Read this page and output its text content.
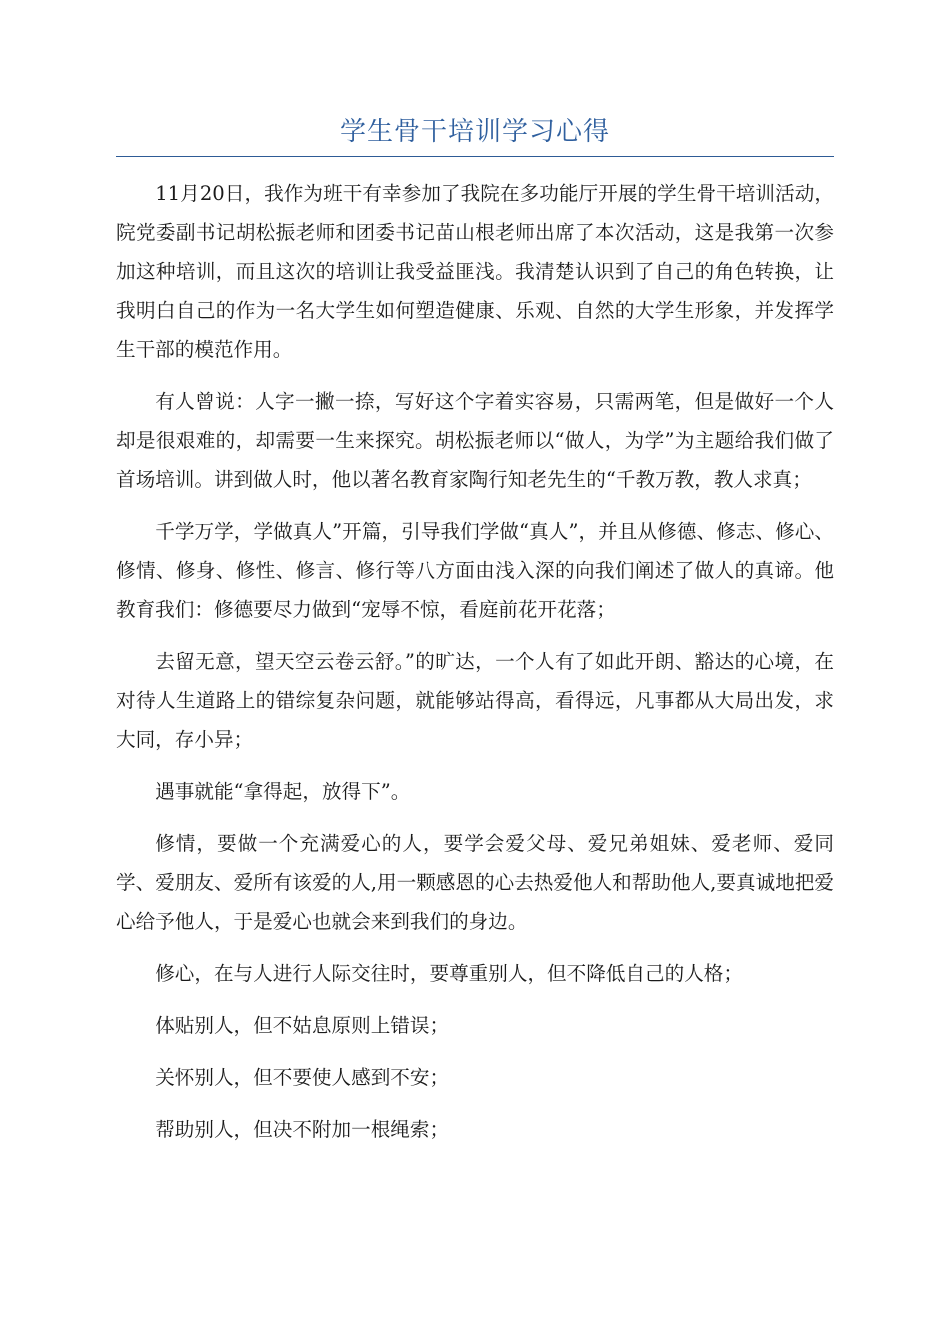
学生骨干培训学习心得

11月20日，我作为班干有幸参加了我院在多功能厅开展的学生骨干培训活动，院党委副书记胡松振老师和团委书记苗山根老师出席了本次活动，这是我第一次参加这种培训，而且这次的培训让我受益匪浅。我清楚认识到了自己的角色转换，让我明白自己的作为一名大学生如何塑造健康、乐观、自然的大学生形象，并发挥学生干部的模范作用。

有人曾说：人字一撇一捺，写好这个字着实容易，只需两笔，但是做好一个人却是很艰难的，却需要一生来探究。胡松振老师以“做人，为学”为主题给我们做了首场培训。讲到做人时，他以著名教育家陶行知老先生的“千教万教，教人求真；

千学万学，学做真人”开篇，引导我们学做“真人”，并且从修德、修志、修心、修情、修身、修性、修言、修行等八方面由浅入深的向我们阐述了做人的真谛。他教育我们：修德要尽力做到“宠辱不惊，看庭前花开花落；

去留无意，望天空云卷云舒。”的旷达，一个人有了如此开朗、豁达的心境，在对待人生道路上的错综复杂问题，就能够站得高，看得远，凡事都从大局出发，求大同，存小异；

遇事就能“拿得起，放得下”。

修情，要做一个充满爱心的人，要学会爱父母、爱兄弟姐妹、爱老师、爱同学、爱朋友、爱所有该爱的人,用一颗感恩的心去热爱他人和帮助他人,要真诚地把爱心给予他人，于是爱心也就会来到我们的身边。

修心，在与人进行人际交往时，要尊重别人，但不降低自己的人格；

体贴别人，但不姑息原则上错误；

关怀别人，但不要使人感到不安；

帮助别人，但决不附加一根绳索；
